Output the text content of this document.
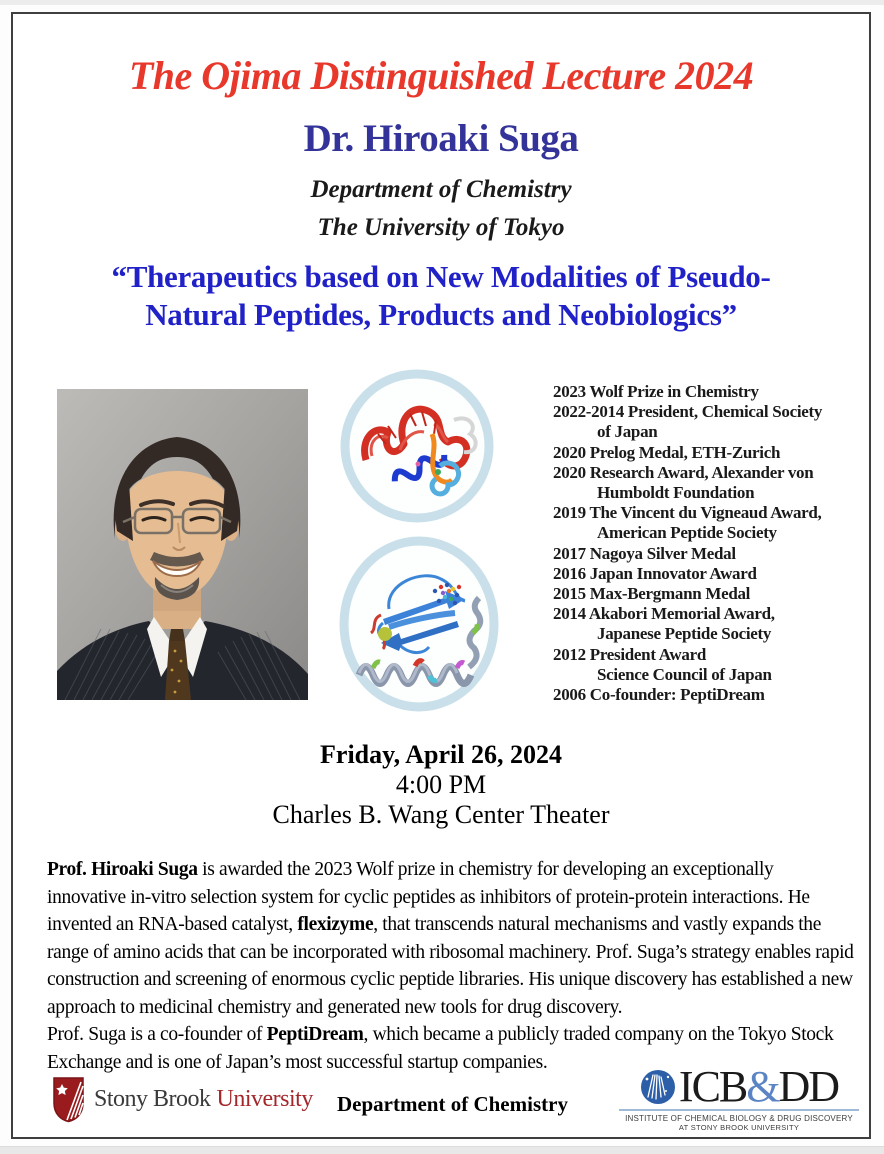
The Ojima Distinguished Lecture 2024
Dr. Hiroaki Suga
Department of Chemistry
The University of Tokyo
“Therapeutics based on New Modalities of Pseudo-
Natural Peptides, Products and Neobiologics”
2023 Wolf Prize in Chemistry
2022-2014 President, Chemical Society
of Japan
2020 Prelog Medal, ETH-Zurich
2020 Research Award, Alexander von
Humboldt Foundation
2019 The Vincent du Vigneaud Award,
American Peptide Society
2017 Nagoya Silver Medal
2016 Japan Innovator Award
2015 Max-Bergmann Medal
2014 Akabori Memorial Award,
Japanese Peptide Society
2012 President Award
Science Council of Japan
2006 Co-founder: PeptiDream
Friday, April 26, 2024
4:00 PM
Charles B. Wang Center Theater

Prof. Hiroaki Suga is awarded the 2023 Wolf prize in chemistry for developing an exceptionally innovative in-vitro selection system for cyclic peptides as inhibitors of protein-protein interactions. He invented an RNA-based catalyst, flexizyme, that transcends natural mechanisms and vastly expands the range of amino acids that can be incorporated with ribosomal machinery. Prof. Suga’s strategy enables rapid construction and screening of enormous cyclic peptide libraries. His unique discovery has established a new approach to medicinal chemistry and generated new tools for drug discovery.

Prof. Suga is a co-founder of PeptiDream, which became a publicly traded company on the Tokyo Stock Exchange and is one of Japan’s most successful startup companies.

Stony Brook University Department of Chemistry	ICB&DD
INSTITUTE OF CHEMICAL BIOLOGY & DRUG DISCOVERY
AT STONY BROOK UNIVERSITY
